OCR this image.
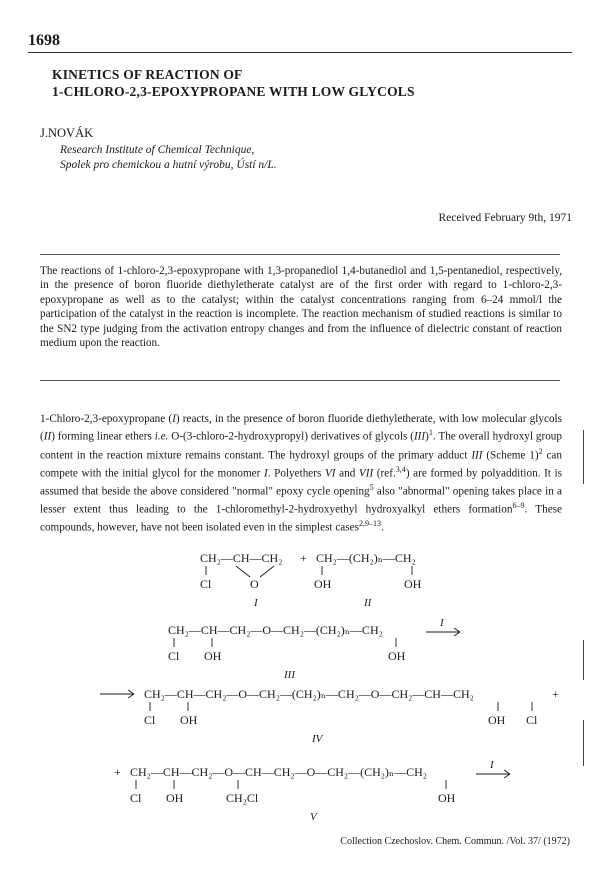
1698
KINETICS OF REACTION OF
1-CHLORO-2,3-EPOXYPROPANE WITH LOW GLYCOLS
J.NOVÁK
Research Institute of Chemical Technique,
Spolek pro chemickou a hutní výrobu, Ústí n/L.
Received February 9th, 1971
The reactions of 1-chloro-2,3-epoxypropane with 1,3-propanediol 1,4-butanediol and 1,5-pentanediol, respectively, in the presence of boron fluoride diethyletherate catalyst are of the first order with regard to 1-chloro-2,3-epoxypropane as well as to the catalyst; within the catalyst concentrations ranging from 6–24 mmol/l the participation of the catalyst in the reaction is incomplete. The reaction mechanism of studied reactions is similar to the SN2 type judging from the activation entropy changes and from the influence of dielectric constant of reaction medium upon the reaction.
1-Chloro-2,3-epoxypropane (I) reacts, in the presence of boron fluoride diethyletherate, with low molecular glycols (II) forming linear ethers i.e. O-(3-chloro-2-hydroxypropyl) derivatives of glycols (III)$^1$. The overall hydroxyl group content in the reaction mixture remains constant. The hydroxyl groups of the primary adduct III (Scheme 1)$^2$ can compete with the initial glycol for the monomer I. Polyethers VI and VII (ref.$^{3,4}$) are formed by polyaddition. It is assumed that beside the above considered "normal" epoxy cycle opening$^5$ also "abnormal" opening takes place in a lesser extent thus leading to the 1-chloromethyl-2-hydroxyethyl hydroxyalkyl ethers formation$^{6-9}$. These compounds, however, have not been isolated even in the simplest cases$^{2,9-13}$.
CH₂—CH—CH₂ + CH₂—(CH₂)ₙ—CH₂
Cl	O	OH	OH
I	II
CH₂—CH—CH₂—O—CH₂—(CH₂)ₙ—CH₂
Cl OH	OH
I
III
CH₂—CH—CH₂—O—CH₂—(CH₂)ₙ—CH₂—O—CH₂—CH—CH₂	+
Cl OH	OH Cl
IV
+ CH₂—CH—CH₂—O—CH—CH₂—O—CH₂—(CH₂)ₙ—CH₂
Cl OH	CH₂Cl	OH
I
V
Collection Czechoslov. Chem. Commun. /Vol. 37/ (1972)
